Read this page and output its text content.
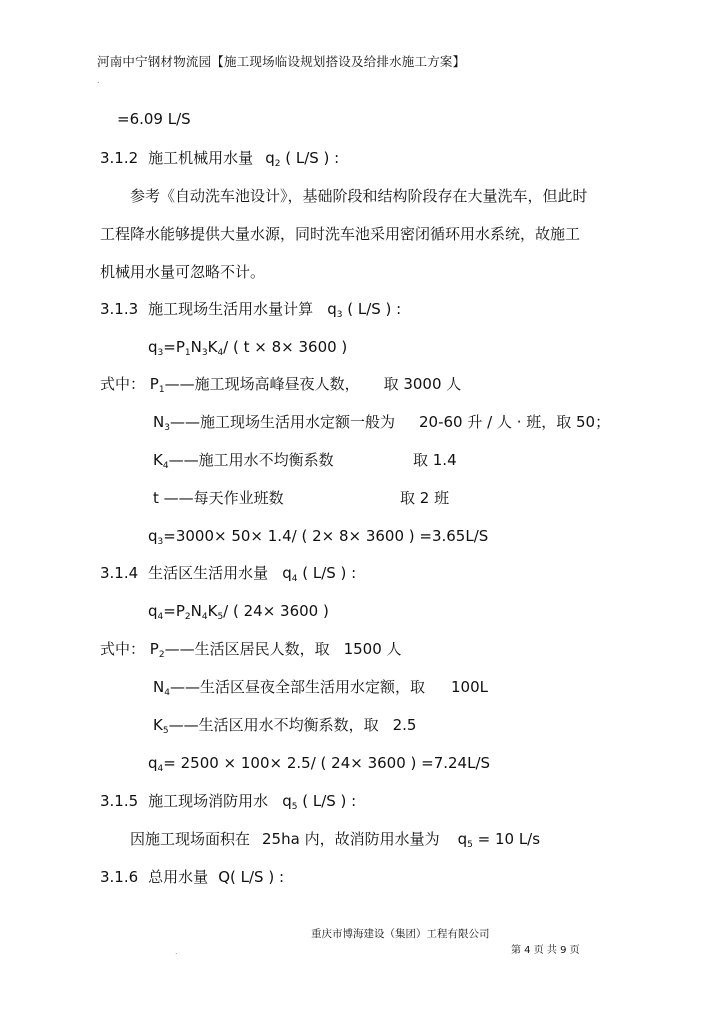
河南中宁钢材物流园【施工现场临设规划搭设及给排水施工方案】
.
=6.09 L/S
3.1.2 施工机械用水量 $q_2$ ( L/S ) :
参考《自动洗车池设计》，基础阶段和结构阶段存在大量洗车，但此时
工程降水能够提供大量水源，同时洗车池采用密闭循环用水系统，故施工
机械用水量可忽略不计。
3.1.3 施工现场生活用水量计算 $q_3$ ( L/S ) :
$q_3=P_1N_3K_4/$ ( t × 8× 3600 )
式中： $P_1——$施工现场高峰昼夜人数， 取 3000 人
$N_3——$施工现场生活用水定额一般为 20-60 升 / 人 · 班，取 50；
$K_4——$施工用水不均衡系数	取 1.4
t ——每天作业班数	取 2 班
$q_3=3000\times 50\times 1.4/$ ( 2× 8× 3600 ) =3.65L/S
3.1.4 生活区生活用水量 $q_4$ ( L/S ) :
$q_4=P_2N_4K_5/$ ( 24× 3600 )
式中： $P_2——$生活区居民人数，取 1500 人
$N_4——$生活区昼夜全部生活用水定额，取 100L
$K_5——$生活区用水不均衡系数，取 2.5
$q_4= 2500 \times 100\times 2.5/$ ( 24× 3600 ) =7.24L/S
3.1.5 施工现场消防用水 $q_5$ ( L/S ) :
因施工现场面积在 25ha 内，故消防用水量为 $q_5 = 10$ L/s
3.1.6 总用水量 Q( L/S ) :
重庆市博海建设（集团）工程有限公司
第 4 页 共 9 页
.
